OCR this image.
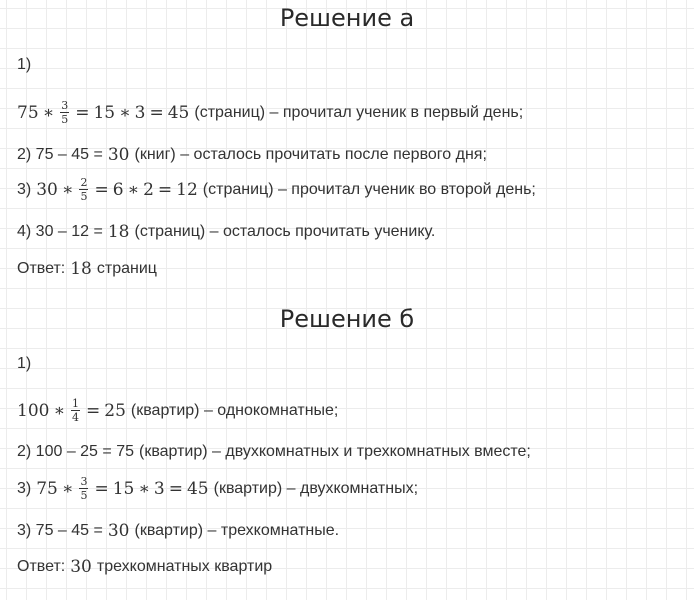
Решение а
1)
75 ∗ $\frac{3}{5} = 15$ ∗ 3 = 45 (страниц) – прочитал ученик в первый день;
2) 75 – 45 = 30 (книг) – осталось прочитать после первого дня;
3) 30 ∗ $\frac{2}{5} = 6$ ∗ 2 = 12 (страниц) – прочитал ученик во второй день;
4) 30 – 12 = 18 (страниц) – осталось прочитать ученику.
Ответ: 18 страниц
Решение б
1)
100 ∗ $\frac{1}{4} = 25$ (квартир) – однокомнатные;
2) 100 – 25 = 75 (квартир) – двухкомнатных и трехкомнатных вместе;
3) 75 ∗ $\frac{3}{5} = 15$ ∗ 3 = 45 (квартир) – двухкомнатных;
3) 75 – 45 = 30 (квартир) – трехкомнатные.
Ответ: 30 трехкомнатных квартир
